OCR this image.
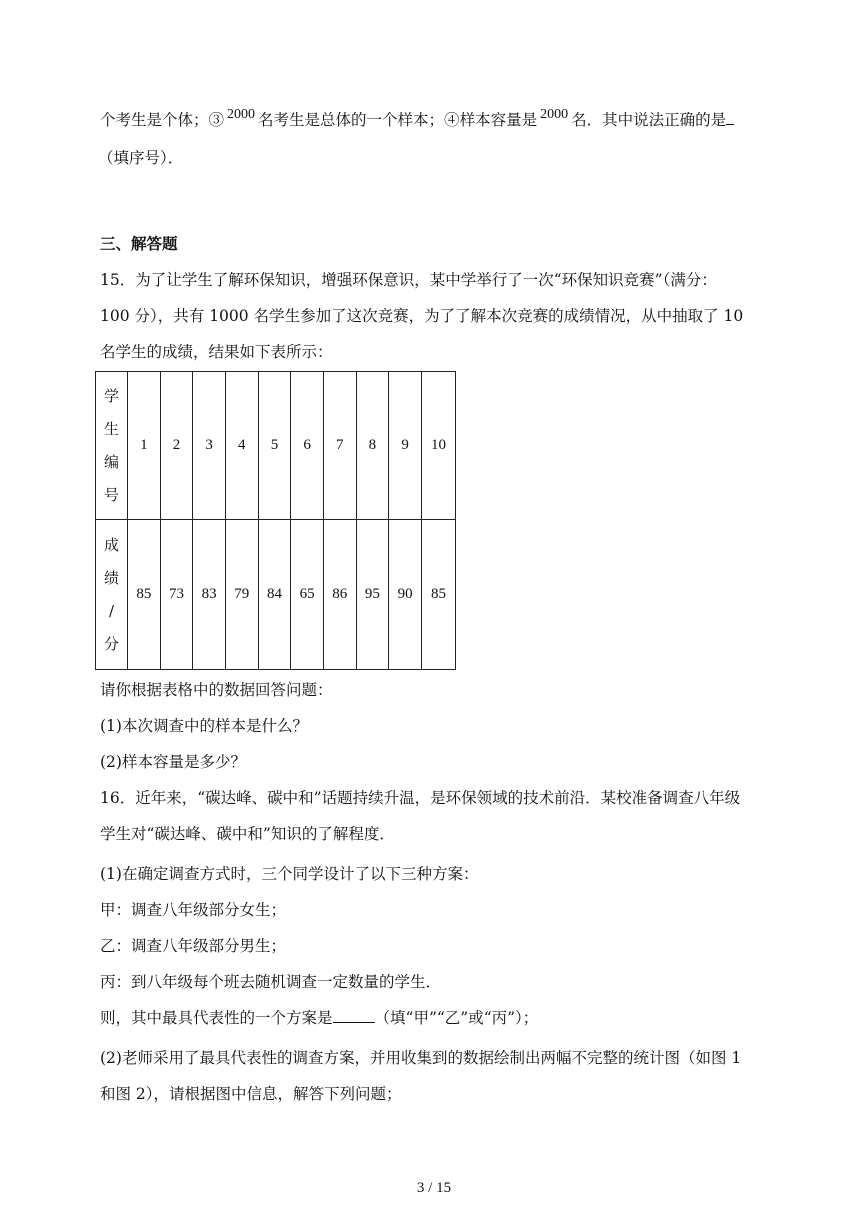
个考生是个体；③ 2000 名考生是总体的一个样本；④样本容量是 2000 名．其中说法正确的是
（填序号）．
三、解答题
15．为了让学生了解环保知识，增强环保意识，某中学举行了一次“环保知识竞赛”（满分：
100 分），共有 1000 名学生参加了这次竞赛，为了了解本次竞赛的成绩情况，从中抽取了 10
名学生的成绩，结果如下表所示：
学
生
编
号	1	2	3	4	5	6	7	8	9	10
成
绩
/
分	85	73	83	79	84	65	86	95	90	85
请你根据表格中的数据回答问题：
(1)本次调查中的样本是什么？
(2)样本容量是多少？
16．近年来，“碳达峰、碳中和”话题持续升温，是环保领域的技术前沿．某校准备调查八年级
学生对“碳达峰、碳中和”知识的了解程度．
(1)在确定调查方式时，三个同学设计了以下三种方案：
甲：调查八年级部分女生；
乙：调查八年级部分男生；
丙：到八年级每个班去随机调查一定数量的学生．
则，其中最具代表性的一个方案是	（填“甲”“乙”或“丙”）；
(2)老师采用了最具代表性的调查方案，并用收集到的数据绘制出两幅不完整的统计图（如图 1
和图 2），请根据图中信息，解答下列问题；
3 / 15
